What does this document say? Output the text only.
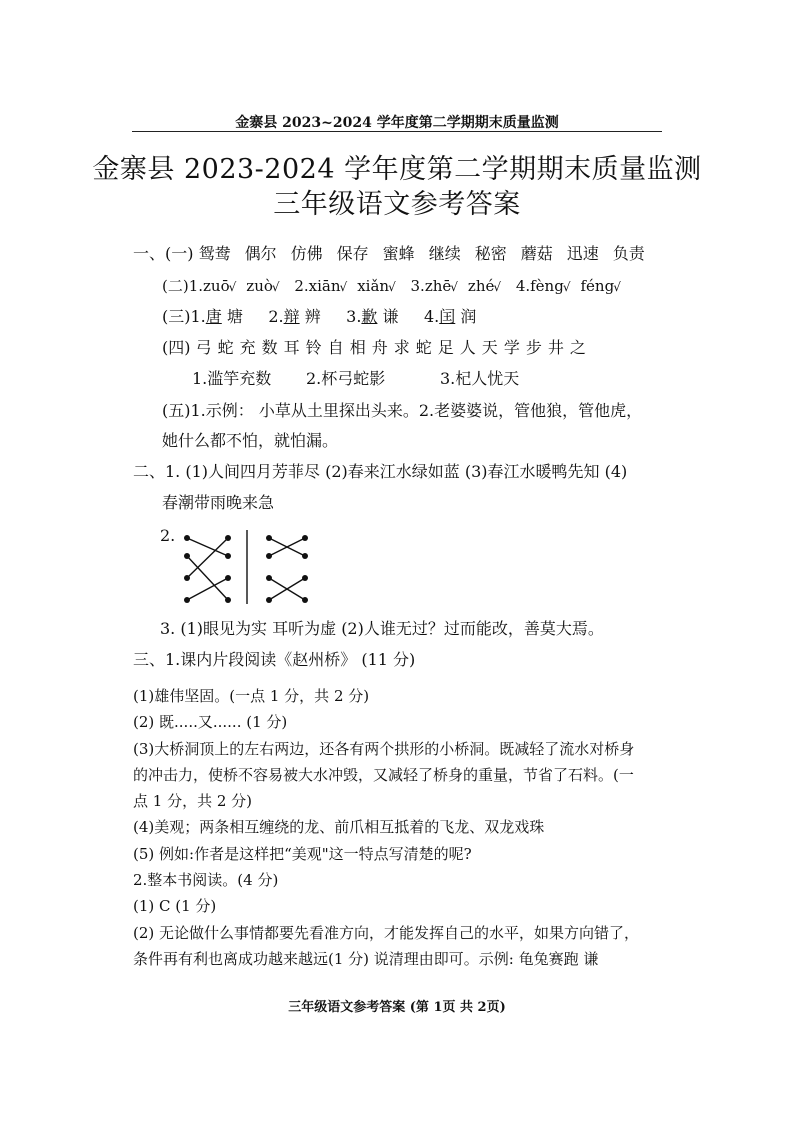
金寨县 2023~2024 学年度第二学期期末质量监测
金寨县 2023-2024 学年度第二学期期末质量监测
三年级语文参考答案
一、(一) 鸳鸯 偶尔 仿佛 保存 蜜蜂 继续 秘密 蘑菇 迅速 负责
(二)1.zuō√ zuò√ 2.xiān√ xiǎn√ 3.zhē√ zhé√ 4.fèng√ féng√
(三)1.唐 塘 2.辩 辨 3.歉 谦 4.闰 润
(四) 弓 蛇 充 数 耳 铃 自 相 舟 求 蛇 足 人 天 学 步 井 之
1.滥竽充数 2.杯弓蛇影	3.杞人忧天
(五)1.示例： 小草从土里探出头来。2.老婆婆说，管他狼，管他虎，
她什么都不怕，就怕漏。
二、1. (1)人间四月芳菲尽 (2)春来江水绿如蓝 (3)春江水暖鸭先知 (4)
春潮带雨晚来急
2.
3. (1)眼见为实 耳听为虚 (2)人谁无过？过而能改，善莫大焉。
三、1.课内片段阅读《赵州桥》 (11 分)
(1)雄伟坚固。(一点 1 分，共 2 分)
(2) 既.....又...... (1 分)
(3)大桥洞顶上的左右两边，还各有两个拱形的小桥洞。既减轻了流水对桥身
的冲击力，使桥不容易被大水冲毁，又减轻了桥身的重量，节省了石料。(一
点 1 分，共 2 分)
(4)美观；两条相互缠绕的龙、前爪相互抵着的飞龙、双龙戏珠
(5) 例如:作者是这样把“美观"这一特点写清楚的呢?
2.整本书阅读。(4 分)
(1) C (1 分)
(2) 无论做什么事情都要先看准方向，才能发挥自己的水平，如果方向错了，
条件再有利也离成功越来越远(1 分) 说清理由即可。示例: 龟兔赛跑 谦
三年级语文参考答案 (第 1页 共 2页)
